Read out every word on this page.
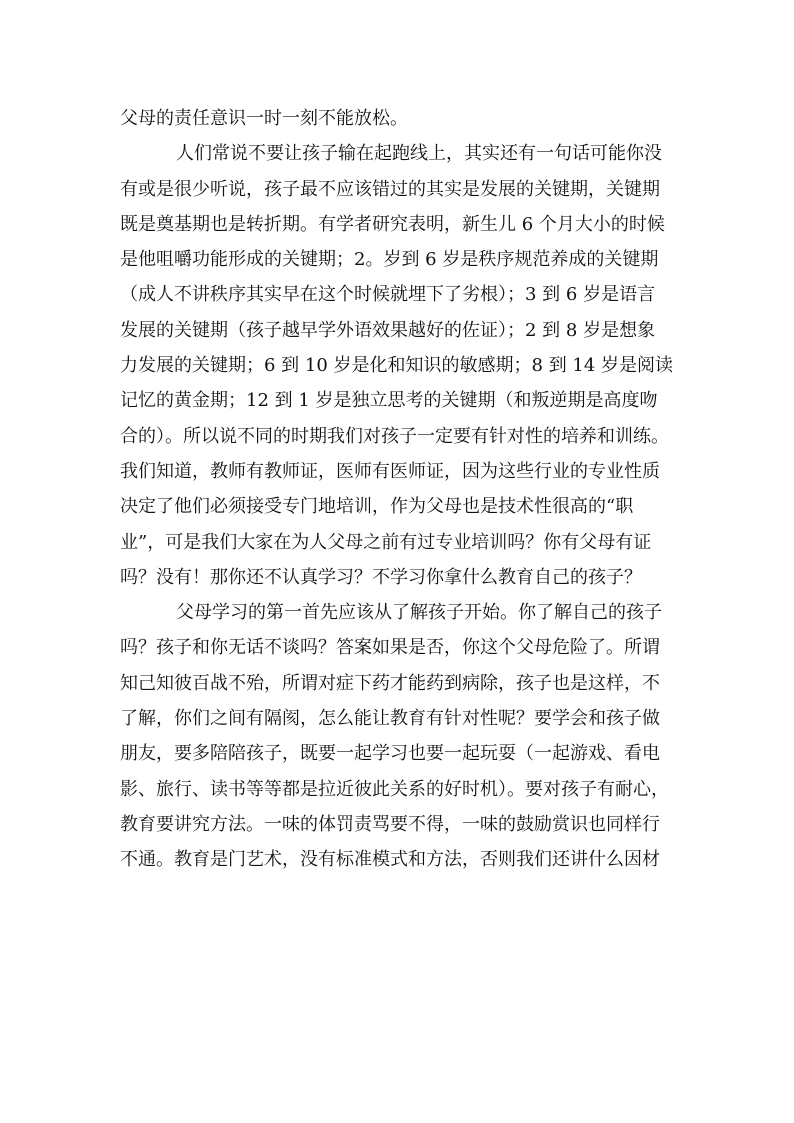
父母的责任意识一时一刻不能放松。
人们常说不要让孩子输在起跑线上，其实还有一句话可能你没
有或是很少听说，孩子最不应该错过的其实是发展的关键期，关键期
既是奠基期也是转折期。有学者研究表明，新生儿 6 个月大小的时候
是他咀嚼功能形成的关键期；2。岁到 6 岁是秩序规范养成的关键期
（成人不讲秩序其实早在这个时候就埋下了劣根）；3 到 6 岁是语言
发展的关键期（孩子越早学外语效果越好的佐证）；2 到 8 岁是想象
力发展的关键期；6 到 10 岁是化和知识的敏感期；8 到 14 岁是阅读
记忆的黄金期；12 到 1 岁是独立思考的关键期（和叛逆期是高度吻
合的）。所以说不同的时期我们对孩子一定要有针对性的培养和训练。
我们知道，教师有教师证，医师有医师证，因为这些行业的专业性质
决定了他们必须接受专门地培训，作为父母也是技术性很高的“职
业”，可是我们大家在为人父母之前有过专业培训吗？你有父母有证
吗？没有！那你还不认真学习？不学习你拿什么教育自己的孩子？
父母学习的第一首先应该从了解孩子开始。你了解自己的孩子
吗？孩子和你无话不谈吗？答案如果是否，你这个父母危险了。所谓
知己知彼百战不殆，所谓对症下药才能药到病除，孩子也是这样，不
了解，你们之间有隔阂，怎么能让教育有针对性呢？要学会和孩子做
朋友，要多陪陪孩子，既要一起学习也要一起玩耍（一起游戏、看电
影、旅行、读书等等都是拉近彼此关系的好时机）。要对孩子有耐心，
教育要讲究方法。一味的体罚责骂要不得，一味的鼓励赏识也同样行
不通。教育是门艺术，没有标准模式和方法，否则我们还讲什么因材
